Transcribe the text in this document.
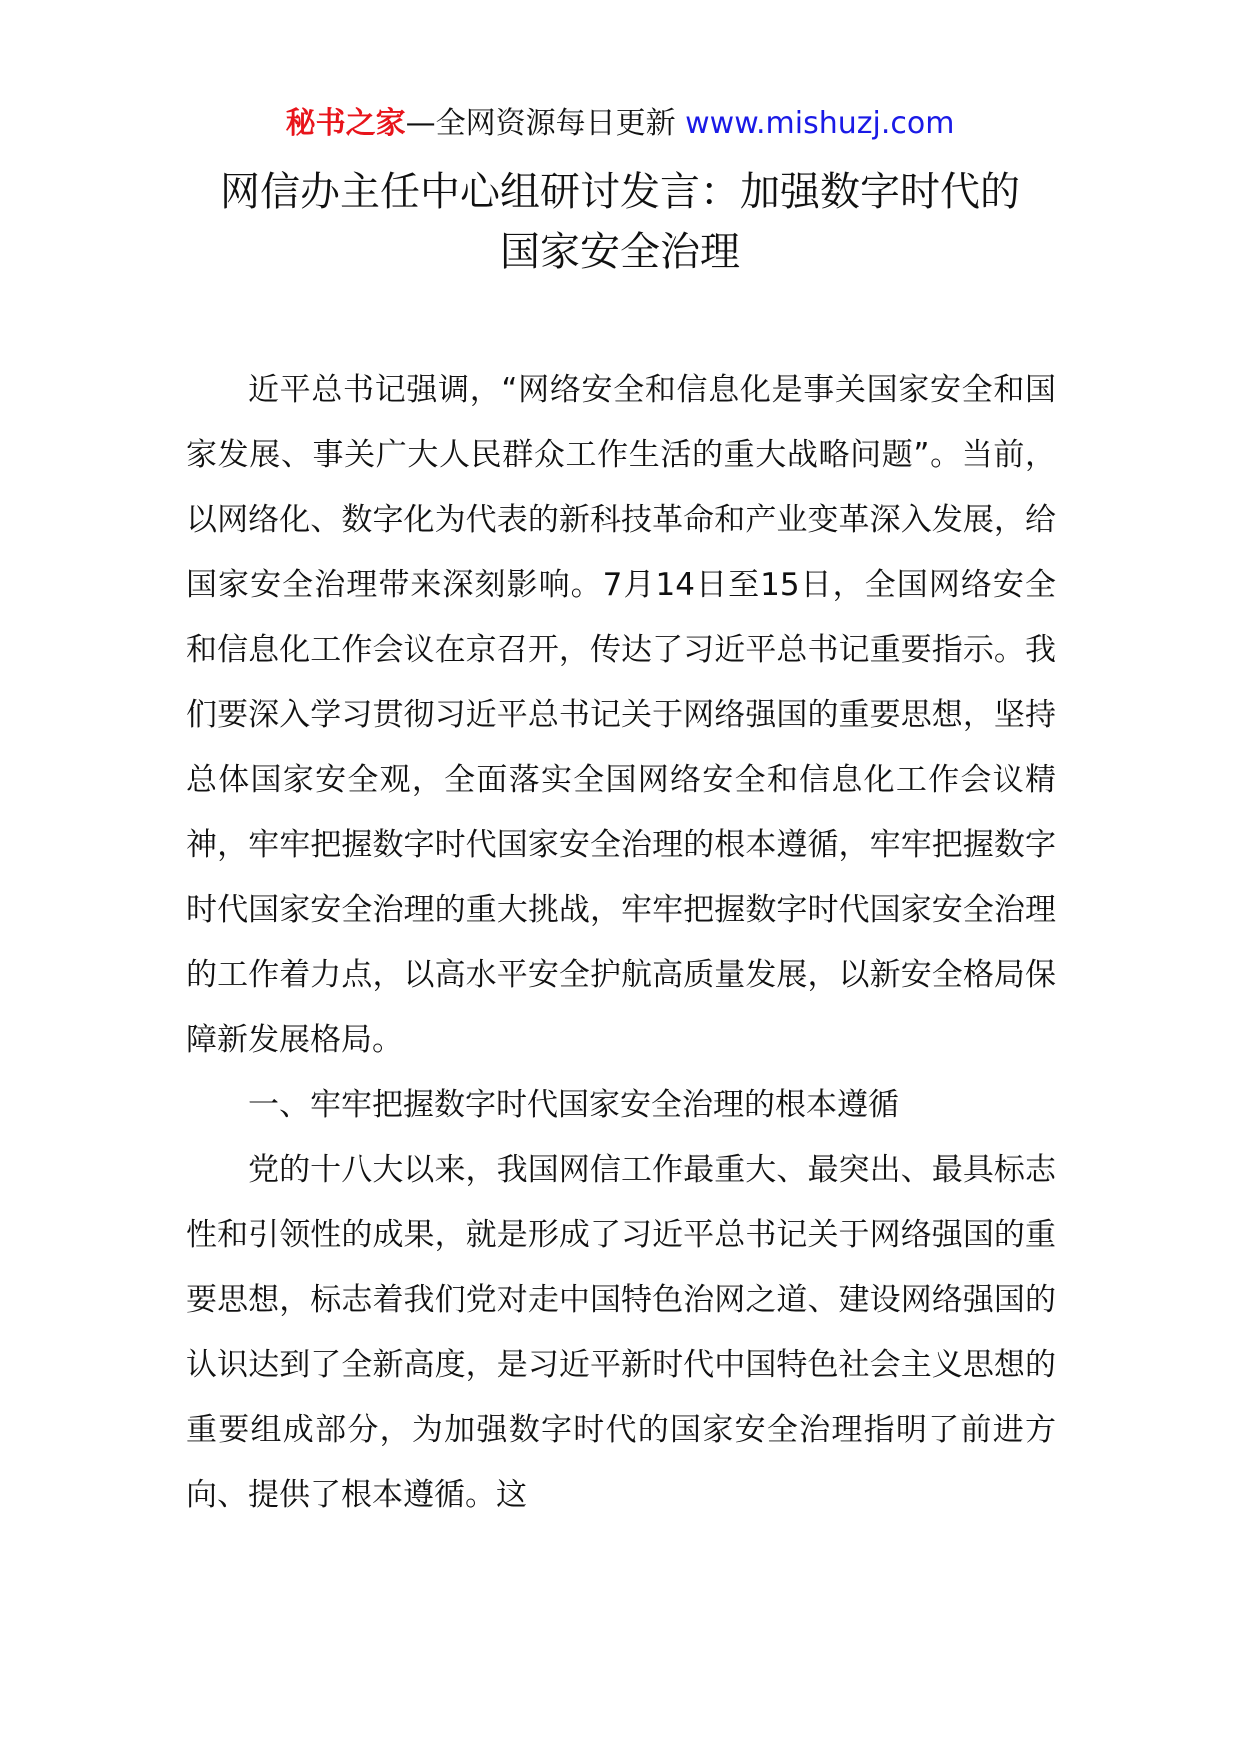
秘书之家—全网资源每日更新 www.mishuzj.com
网信办主任中心组研讨发言：加强数字时代的
国家安全治理

近平总书记强调，“网络安全和信息化是事关国家安全和国家发展、事关广大人民群众工作生活的重大战略问题”。当前，以网络化、数字化为代表的新科技革命和产业变革深入发展，给国家安全治理带来深刻影响。7月14日至15日，全国网络安全和信息化工作会议在京召开，传达了习近平总书记重要指示。我们要深入学习贯彻习近平总书记关于网络强国的重要思想，坚持总体国家安全观，全面落实全国网络安全和信息化工作会议精神，牢牢把握数字时代国家安全治理的根本遵循，牢牢把握数字时代国家安全治理的重大挑战，牢牢把握数字时代国家安全治理的工作着力点，以高水平安全护航高质量发展，以新安全格局保障新发展格局。

一、牢牢把握数字时代国家安全治理的根本遵循

党的十八大以来，我国网信工作最重大、最突出、最具标志性和引领性的成果，就是形成了习近平总书记关于网络强国的重要思想，标志着我们党对走中国特色治网之道、建设网络强国的认识达到了全新高度，是习近平新时代中国特色社会主义思想的重要组成部分，为加强数字时代的国家安全治理指明了前进方向、提供了根本遵循。这
